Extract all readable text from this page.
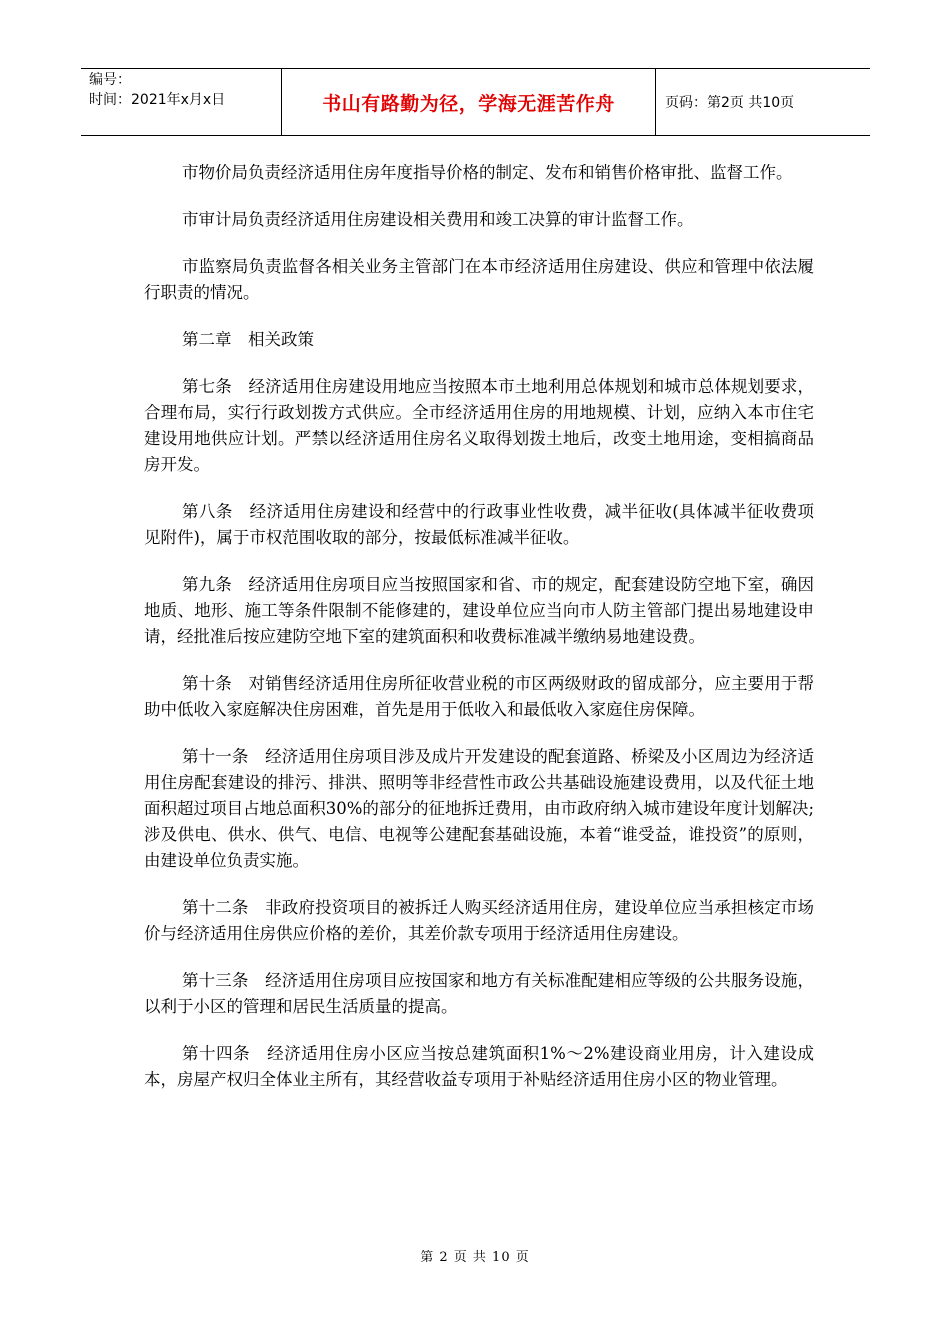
编号：
时间：2021年x月x日	书山有路勤为径，学海无涯苦作舟	页码：第2页 共10页

市物价局负责经济适用住房年度指导价格的制定、发布和销售价格审批、监督工作。

市审计局负责经济适用住房建设相关费用和竣工决算的审计监督工作。

市监察局负责监督各相关业务主管部门在本市经济适用住房建设、供应和管理中依法履行职责的情况。

第二章　相关政策

第七条　经济适用住房建设用地应当按照本市土地利用总体规划和城市总体规划要求，合理布局，实行行政划拨方式供应。全市经济适用住房的用地规模、计划，应纳入本市住宅建设用地供应计划。严禁以经济适用住房名义取得划拨土地后，改变土地用途，变相搞商品房开发。

第八条　经济适用住房建设和经营中的行政事业性收费，减半征收(具体减半征收费项见附件)，属于市权范围收取的部分，按最低标准减半征收。

第九条　经济适用住房项目应当按照国家和省、市的规定，配套建设防空地下室，确因地质、地形、施工等条件限制不能修建的，建设单位应当向市人防主管部门提出易地建设申请，经批准后按应建防空地下室的建筑面积和收费标准减半缴纳易地建设费。

第十条　对销售经济适用住房所征收营业税的市区两级财政的留成部分，应主要用于帮助中低收入家庭解决住房困难，首先是用于低收入和最低收入家庭住房保障。

第十一条　经济适用住房项目涉及成片开发建设的配套道路、桥梁及小区周边为经济适用住房配套建设的排污、排洪、照明等非经营性市政公共基础设施建设费用，以及代征土地面积超过项目占地总面积30%的部分的征地拆迁费用，由市政府纳入城市建设年度计划解决;涉及供电、供水、供气、电信、电视等公建配套基础设施，本着“谁受益，谁投资”的原则，由建设单位负责实施。

第十二条　非政府投资项目的被拆迁人购买经济适用住房，建设单位应当承担核定市场价与经济适用住房供应价格的差价，其差价款专项用于经济适用住房建设。

第十三条　经济适用住房项目应按国家和地方有关标准配建相应等级的公共服务设施，以利于小区的管理和居民生活质量的提高。

第十四条　经济适用住房小区应当按总建筑面积1%～2%建设商业用房，计入建设成本，房屋产权归全体业主所有，其经营收益专项用于补贴经济适用住房小区的物业管理。

第 2 页 共 10 页
